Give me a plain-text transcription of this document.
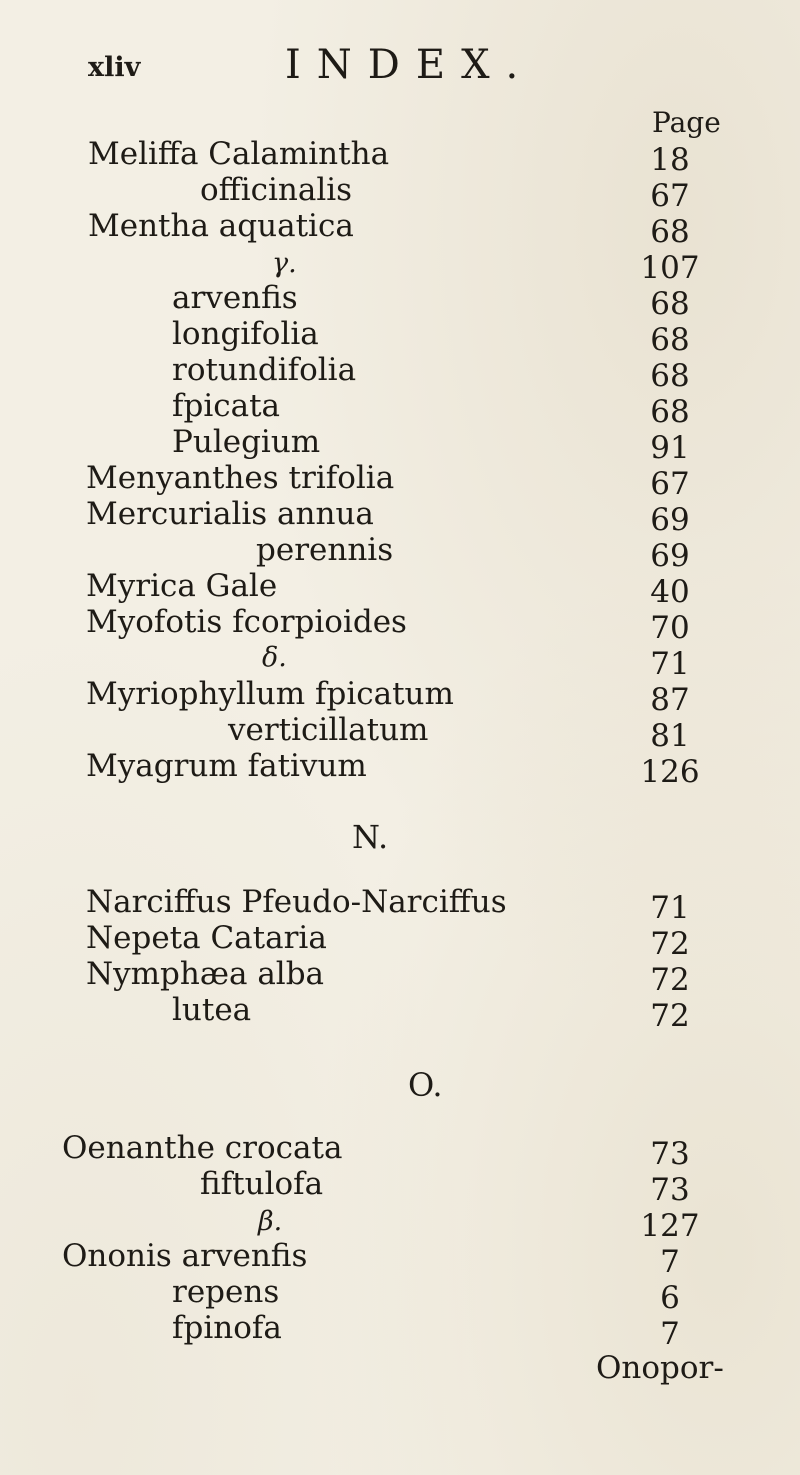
xliv	INDEX.
Page
Meliffa Calamintha	18
officinalis	67
Mentha aquatica	68
γ.	107
arvenfis	68
longifolia	68
rotundifolia	68
fpicata	68
Pulegium	91
Menyanthes trifolia	67
Mercurialis annua	69
perennis	69
Myrica Gale	40
Myofotis fcorpioides	70
δ.	71
Myriophyllum fpicatum	87
verticillatum	81
Myagrum fativum	126
N.
Narciffus Pfeudo-Narciffus	71
Nepeta Cataria	72
Nymphæa alba	72
lutea	72
O.
Oenanthe crocata	73
fiftulofa	73
β.	127
Ononis arvenfis	7
repens	6
fpinofa	7
Onopor-
